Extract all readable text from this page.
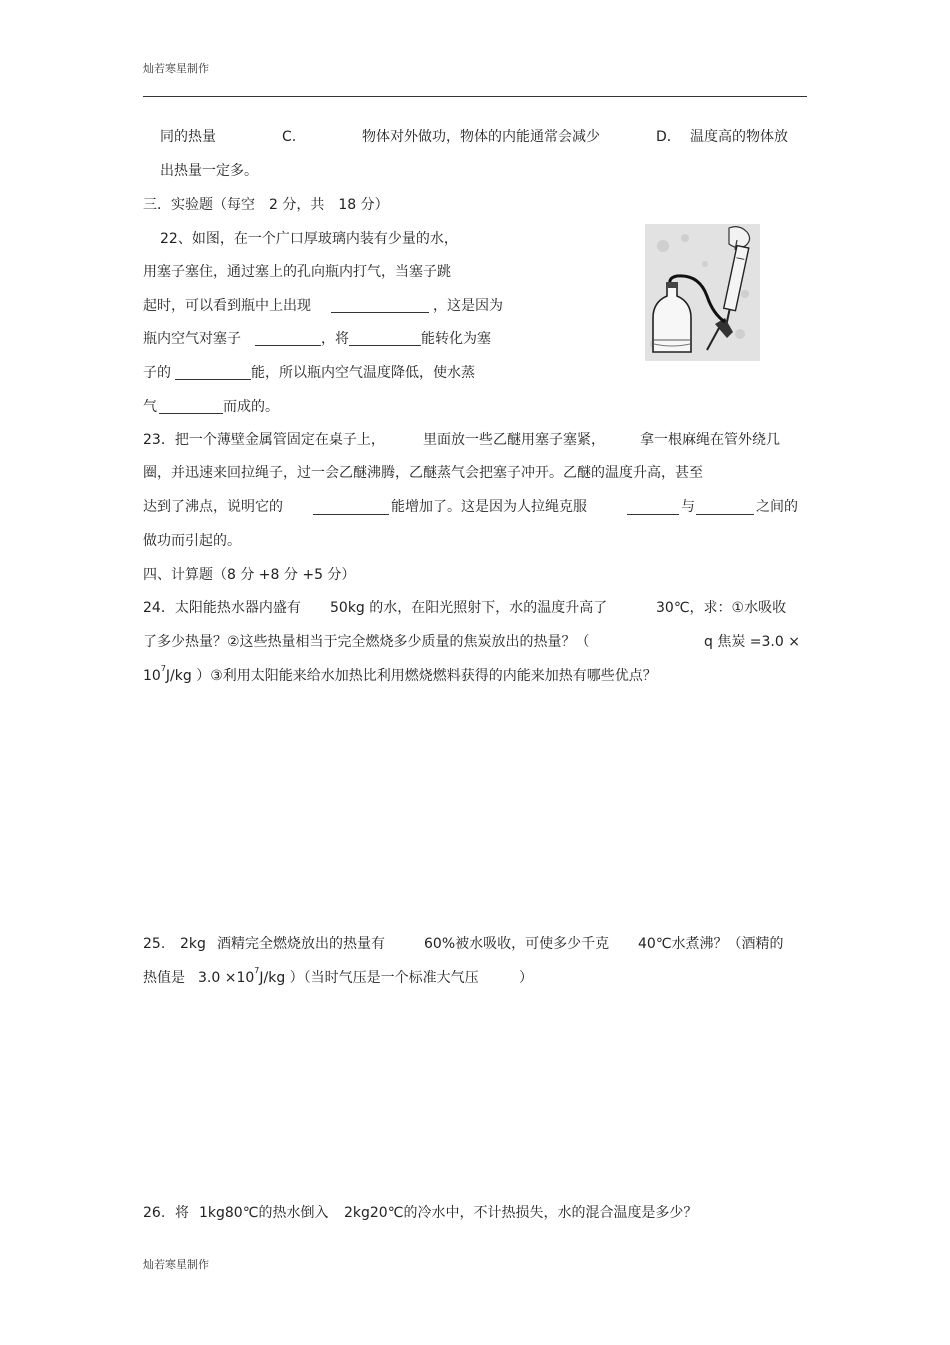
灿若寒星制作
同的热量	C.	物体对外做功，物体的内能通常会减少	D． 温度高的物体放
出热量一定多。
三．实验题（每空　2 分，共　18 分）
22、如图，在一个广口厚玻璃内装有少量的水，
用塞子塞住，通过塞上的孔向瓶内打气，当塞子跳
起时，可以看到瓶中上出现	，这是因为
瓶内空气对塞子	，将	能转化为塞
子的	能，所以瓶内空气温度降低，使水蒸
气	而成的。
23．把一个薄壁金属管固定在桌子上，	里面放一些乙醚用塞子塞紧，	拿一根麻绳在管外绕几
圈，并迅速来回拉绳子，过一会乙醚沸腾，乙醚蒸气会把塞子冲开。乙醚的温度升高，甚至
达到了沸点，说明它的	能增加了。这是因为人拉绳克服	与	之间的
做功而引起的。
四、计算题（8 分 +8 分 +5 分）
24．太阳能热水器内盛有 50kg 的水，在阳光照射下，水的温度升高了	30℃，求：①水吸收
了多少热量？②这些热量相当于完全燃烧多少质量的焦炭放出的热量？（	q 焦炭 =3.0 ×
$10^7J/kg$ ）③利用太阳能来给水加热比利用燃烧燃料获得的内能来加热有哪些优点？
25. 2kg 酒精完全燃烧放出的热量有	60%被水吸收，可使多少千克 40℃水煮沸？（酒精的
热值是 $3.0 \times 10^7J/kg$ ）（当时气压是一个标准大气压	）
26. 将 1kg80℃的热水倒入 2kg20℃的冷水中，不计热损失，水的混合温度是多少？
灿若寒星制作
